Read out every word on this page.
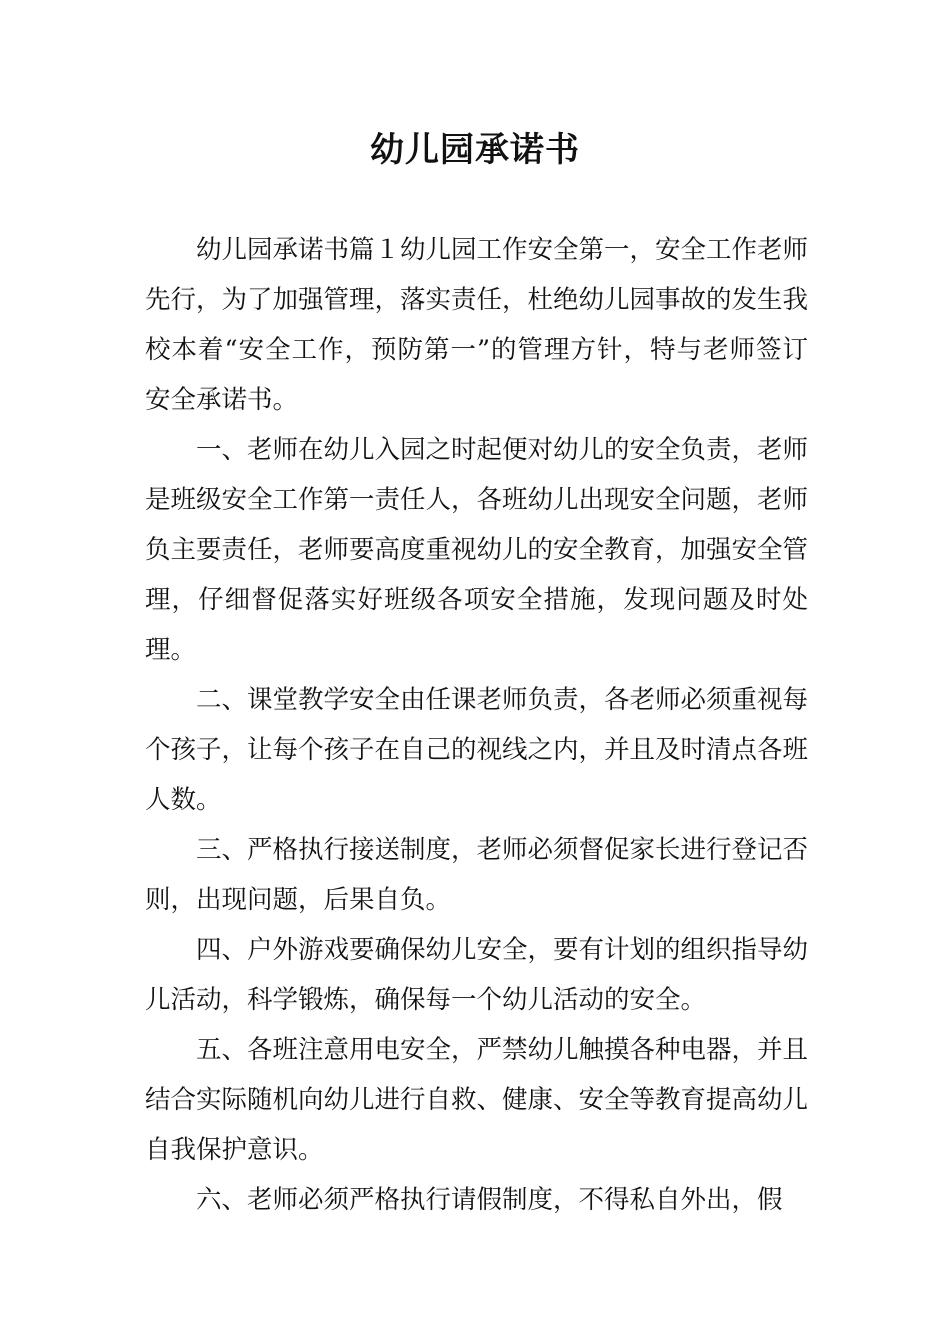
幼儿园承诺书

幼儿园承诺书篇１幼儿园工作安全第一，安全工作老师先行，为了加强管理，落实责任，杜绝幼儿园事故的发生我校本着“安全工作，预防第一”的管理方针，特与老师签订安全承诺书。

一、老师在幼儿入园之时起便对幼儿的安全负责，老师是班级安全工作第一责任人，各班幼儿出现安全问题，老师负主要责任，老师要高度重视幼儿的安全教育，加强安全管理，仔细督促落实好班级各项安全措施，发现问题及时处理。

二、课堂教学安全由任课老师负责，各老师必须重视每个孩子，让每个孩子在自己的视线之内，并且及时清点各班人数。

三、严格执行接送制度，老师必须督促家长进行登记否则，出现问题，后果自负。

四、户外游戏要确保幼儿安全，要有计划的组织指导幼儿活动，科学锻炼，确保每一个幼儿活动的安全。

五、各班注意用电安全，严禁幼儿触摸各种电器，并且结合实际随机向幼儿进行自救、健康、安全等教育提高幼儿自我保护意识。

六、老师必须严格执行请假制度，不得私自外出，假
